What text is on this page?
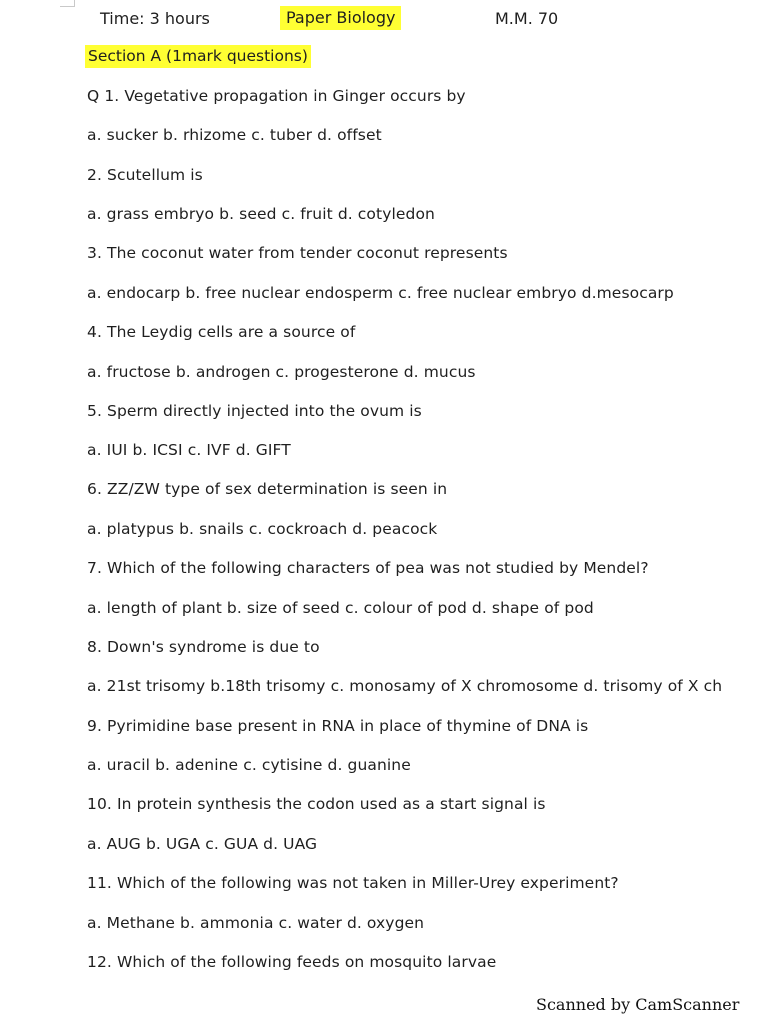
Time: 3 hours	Paper Biology	M.M. 70
Section A (1mark questions)
Q 1. Vegetative propagation in Ginger occurs by
a. sucker b. rhizome c. tuber d. offset
2. Scutellum is
a. grass embryo b. seed c. fruit d. cotyledon
3. The coconut water from tender coconut represents
a. endocarp b. free nuclear endosperm c. free nuclear embryo d.mesocarp
4. The Leydig cells are a source of
a. fructose b. androgen c. progesterone d. mucus
5. Sperm directly injected into the ovum is
a. IUI b. ICSI c. IVF d. GIFT
6. ZZ/ZW type of sex determination is seen in
a. platypus b. snails c. cockroach d. peacock
7. Which of the following characters of pea was not studied by Mendel?
a. length of plant b. size of seed c. colour of pod d. shape of pod
8. Down's syndrome is due to
a. 21st trisomy b.18th trisomy c. monosamy of X chromosome d. trisomy of X ch
9. Pyrimidine base present in RNA in place of thymine of DNA is
a. uracil b. adenine c. cytisine d. guanine
10. In protein synthesis the codon used as a start signal is
a. AUG b. UGA c. GUA d. UAG
11. Which of the following was not taken in Miller-Urey experiment?
a. Methane b. ammonia c. water d. oxygen
12. Which of the following feeds on mosquito larvae
Scanned by CamScanner
